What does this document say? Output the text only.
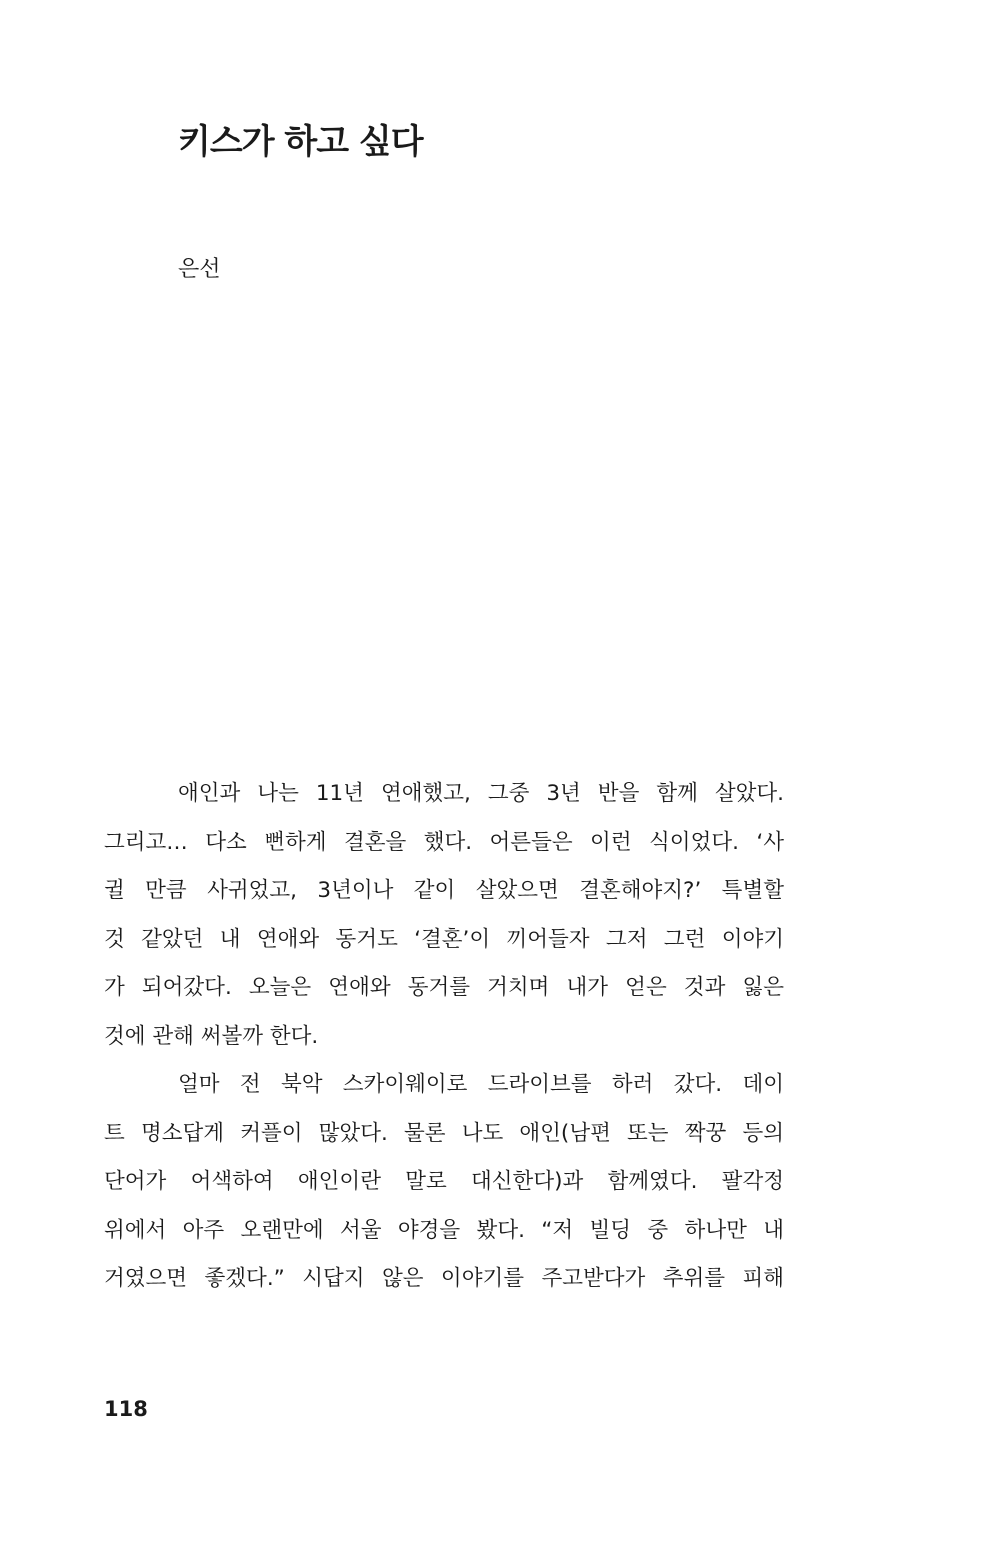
키스가 하고 싶다

은선

애인과 나는 11년 연애했고, 그중 3년 반을 함께 살았다.
그리고… 다소 뻔하게 결혼을 했다. 어른들은 이런 식이었다. ‘사
귈 만큼 사귀었고, 3년이나 같이 살았으면 결혼해야지?’ 특별할
것 같았던 내 연애와 동거도 ‘결혼’이 끼어들자 그저 그런 이야기
가 되어갔다. 오늘은 연애와 동거를 거치며 내가 얻은 것과 잃은
것에 관해 써볼까 한다.

얼마 전 북악 스카이웨이로 드라이브를 하러 갔다. 데이
트 명소답게 커플이 많았다. 물론 나도 애인(남편 또는 짝꿍 등의
단어가 어색하여 애인이란 말로 대신한다)과 함께였다. 팔각정
위에서 아주 오랜만에 서울 야경을 봤다. “저 빌딩 중 하나만 내
거였으면 좋겠다.” 시답지 않은 이야기를 주고받다가 추위를 피해

118
